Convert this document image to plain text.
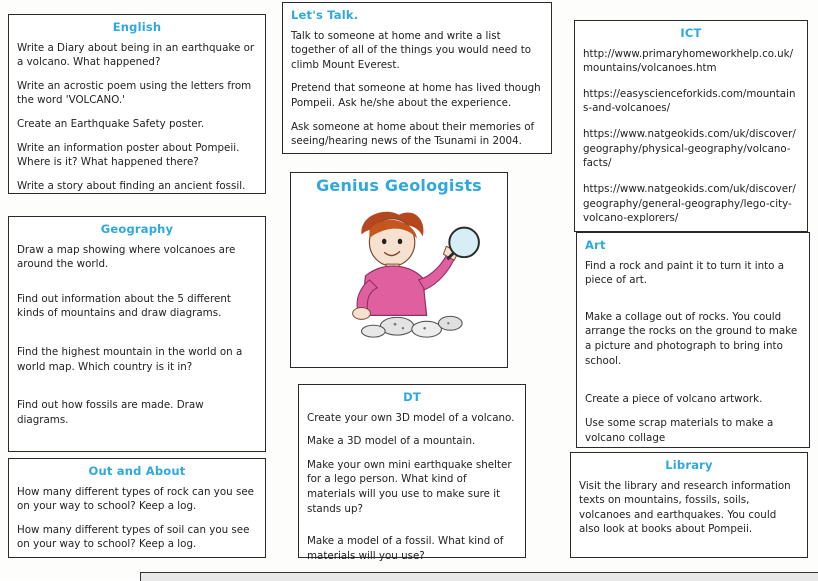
English

Write a Diary about being in an earthquake or a volcano. What happened?

Write an acrostic poem using the letters from the word 'VOLCANO.'

Create an Earthquake Safety poster.

Write an information poster about Pompeii. Where is it? What happened there?

Write a story about finding an ancient fossil.

Geography

Draw a map showing where volcanoes are around the world.

Find out information about the 5 different kinds of mountains and draw diagrams.

Find the highest mountain in the world on a world map. Which country is it in?

Find out how fossils are made. Draw diagrams.

Out and About

How many different types of rock can you see on your way to school? Keep a log.

How many different types of soil can you see on your way to school? Keep a log.

Let's Talk.

Talk to someone at home and write a list together of all of the things you would need to climb Mount Everest.

Pretend that someone at home has lived though Pompeii. Ask he/she about the experience.

Ask someone at home about their memories of seeing/hearing news of the Tsunami in 2004.

Genius Geologists
DT

Create your own 3D model of a volcano.

Make a 3D model of a mountain.

Make your own mini earthquake shelter for a lego person. What kind of materials will you use to make sure it stands up?

Make a model of a fossil. What kind of materials will you use?

ICT

http://www.primaryhomeworkhelp.co.uk/mountains/volcanoes.htm

https://easyscienceforkids.com/mountains-and-volcanoes/

https://www.natgeokids.com/uk/discover/geography/physical-geography/volcano-facts/

https://www.natgeokids.com/uk/discover/geography/general-geography/lego-city-volcano-explorers/

Art

Find a rock and paint it to turn it into a piece of art.

Make a collage out of rocks. You could arrange the rocks on the ground to make a picture and photograph to bring into school.

Create a piece of volcano artwork.

Use some scrap materials to make a volcano collage

Library

Visit the library and research information texts on mountains, fossils, soils, volcanoes and earthquakes. You could also look at books about Pompeii.
